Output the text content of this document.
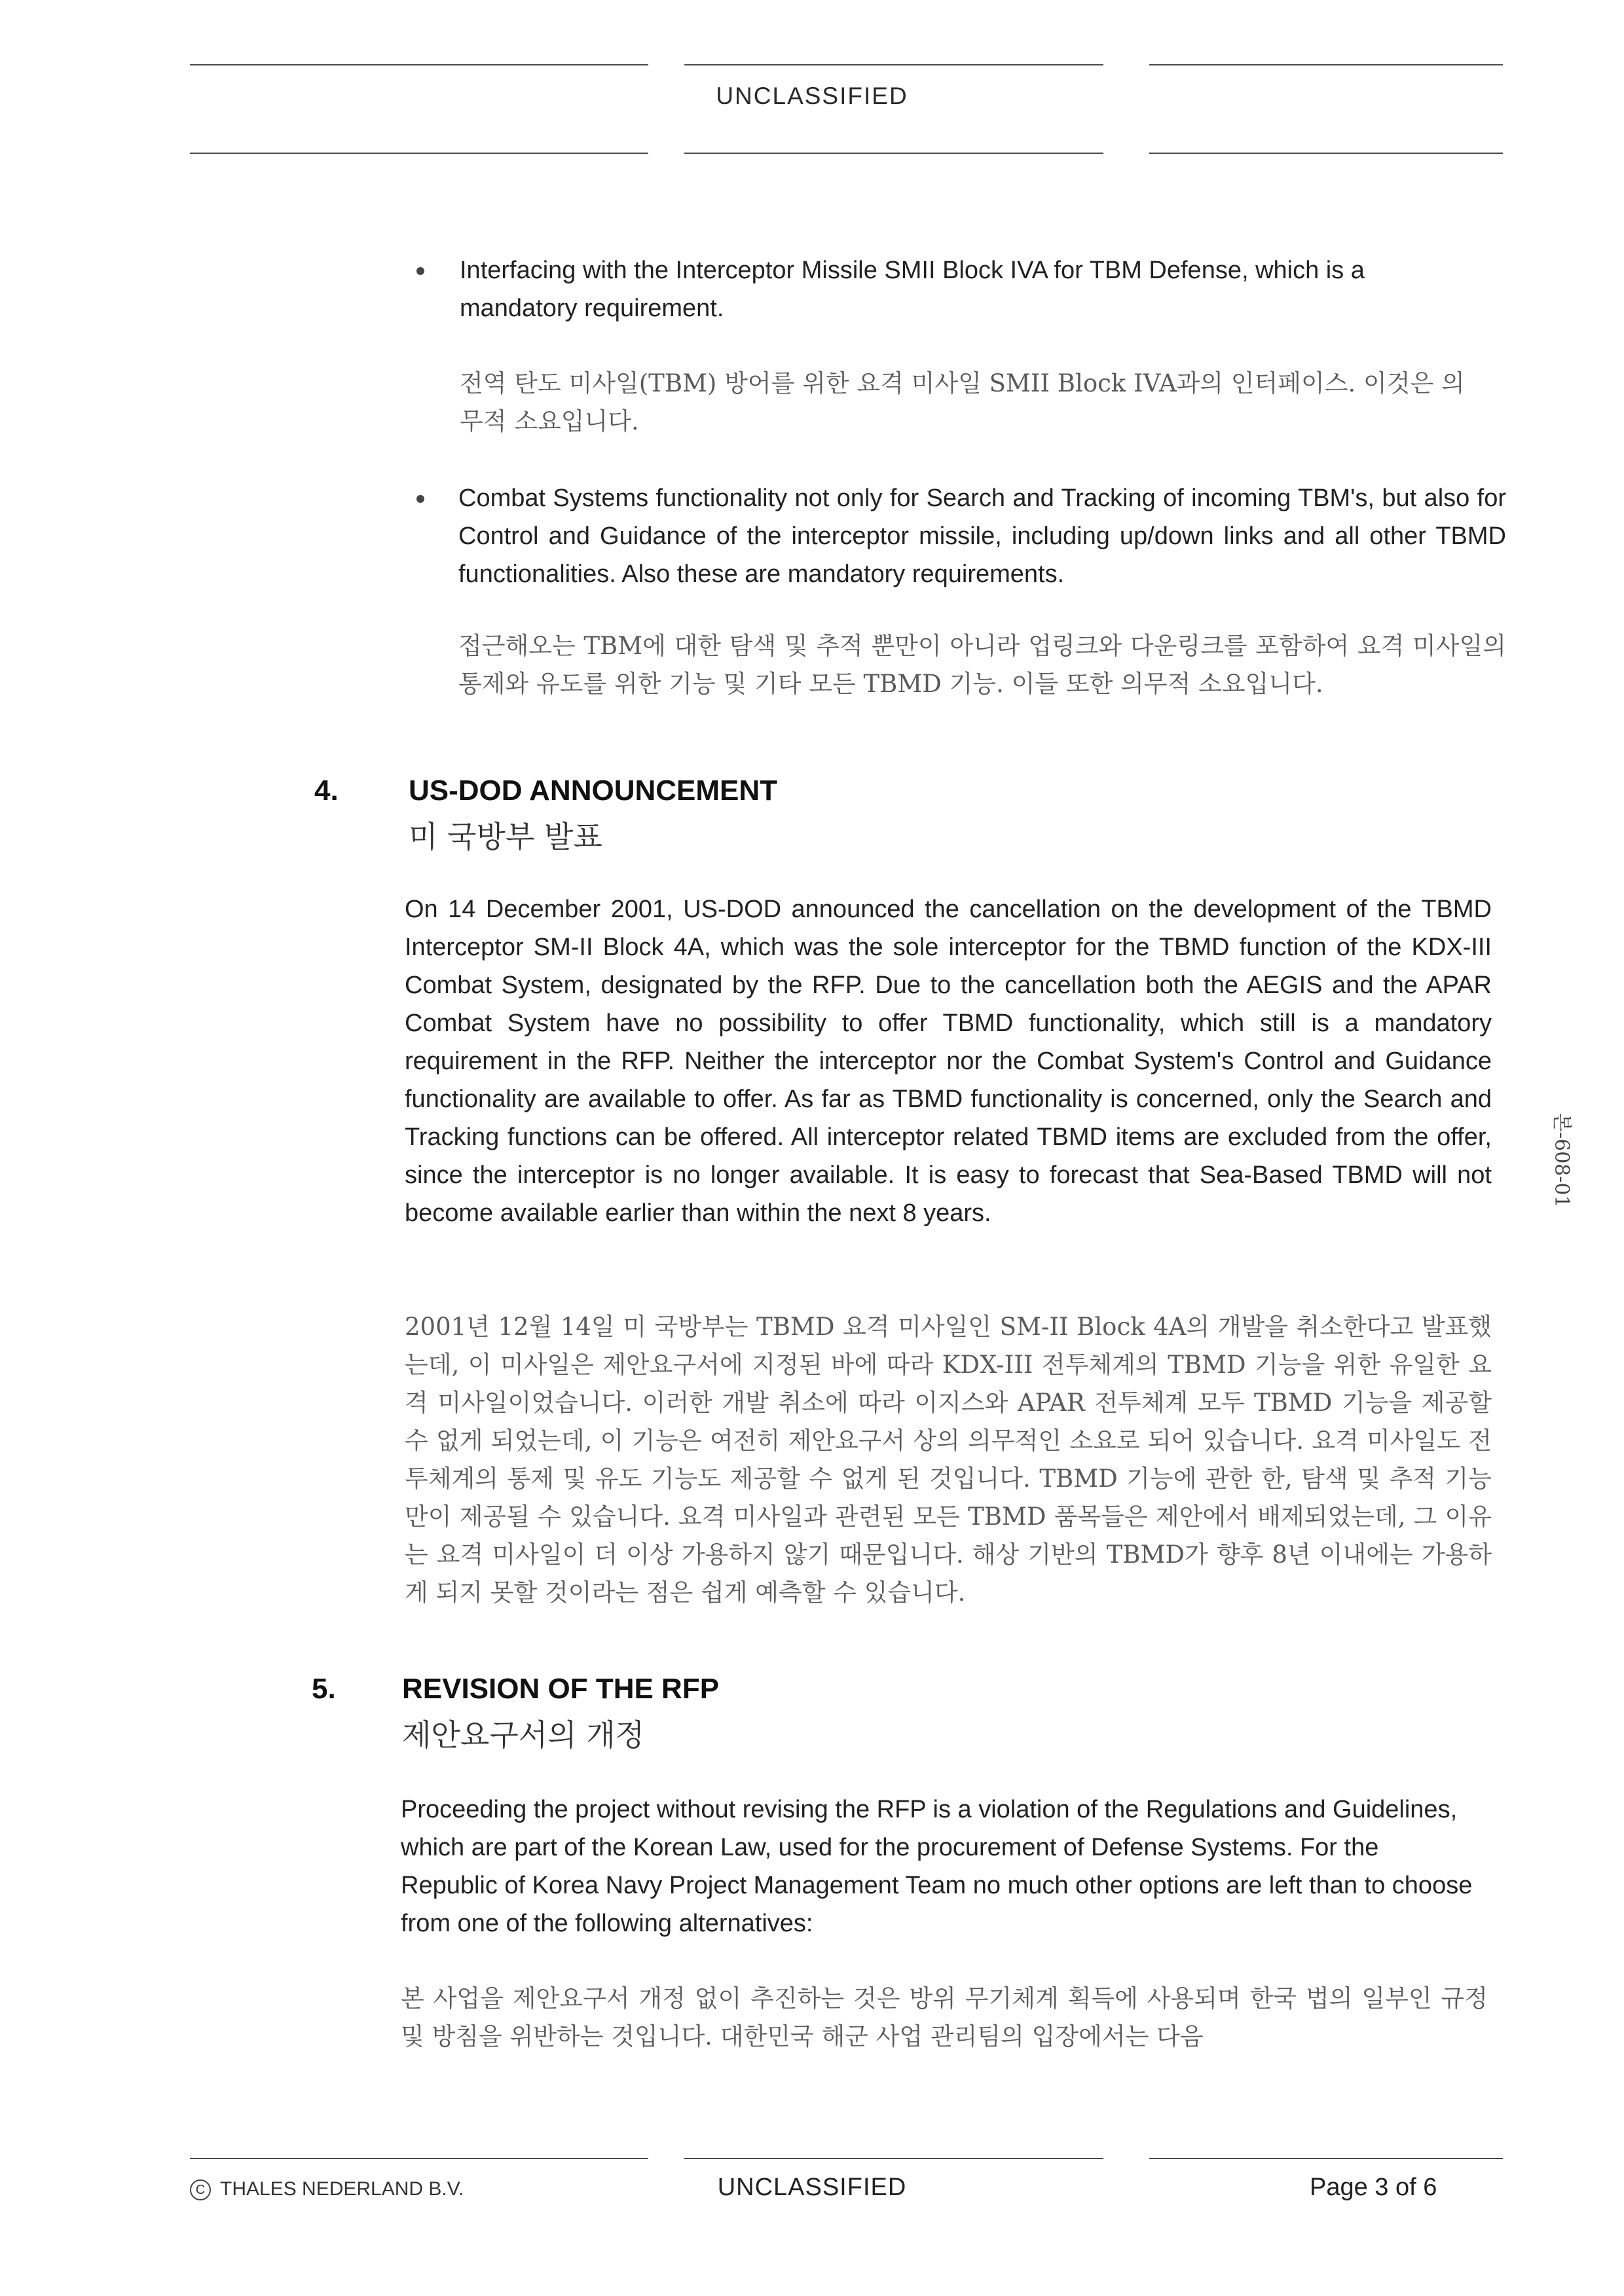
UNCLASSIFIED
Interfacing with the Interceptor Missile SMII Block IVA for TBM Defense, which is a mandatory requirement.
전역 탄도 미사일(TBM) 방어를 위한 요격 미사일 SMII Block IVA과의 인터페이스. 이것은 의무적 소요입니다.
Combat Systems functionality not only for Search and Tracking of incoming TBM's, but also for Control and Guidance of the interceptor missile, including up/down links and all other TBMD functionalities. Also these are mandatory requirements.
접근해오는 TBM에 대한 탐색 및 추적 뿐만이 아니라 업링크와 다운링크를 포함하여 요격 미사일의 통제와 유도를 위한 기능 및 기타 모든 TBMD 기능. 이들 또한 의무적 소요입니다.
4. US-DOD ANNOUNCEMENT
미 국방부 발표
On 14 December 2001, US-DOD announced the cancellation on the development of the TBMD Interceptor SM-II Block 4A, which was the sole interceptor for the TBMD function of the KDX-III Combat System, designated by the RFP. Due to the cancellation both the AEGIS and the APAR Combat System have no possibility to offer TBMD functionality, which still is a mandatory requirement in the RFP. Neither the interceptor nor the Combat System's Control and Guidance functionality are available to offer. As far as TBMD functionality is concerned, only the Search and Tracking functions can be offered. All interceptor related TBMD items are excluded from the offer, since the interceptor is no longer available. It is easy to forecast that Sea-Based TBMD will not become available earlier than within the next 8 years.
2001년 12월 14일 미 국방부는 TBMD 요격 미사일인 SM-II Block 4A의 개발을 취소한다고 발표했는데, 이 미사일은 제안요구서에 지정된 바에 따라 KDX-III 전투체계의 TBMD 기능을 위한 유일한 요격 미사일이었습니다. 이러한 개발 취소에 따라 이지스와 APAR 전투체계 모두 TBMD 기능을 제공할 수 없게 되었는데, 이 기능은 여전히 제안요구서 상의 의무적인 소요로 되어 있습니다. 요격 미사일도 전투체계의 통제 및 유도 기능도 제공할 수 없게 된 것입니다. TBMD 기능에 관한 한, 탐색 및 추적 기능만이 제공될 수 있습니다. 요격 미사일과 관련된 모든 TBMD 품목들은 제안에서 배제되었는데, 그 이유는 요격 미사일이 더 이상 가용하지 않기 때문입니다. 해상 기반의 TBMD가 향후 8년 이내에는 가용하게 되지 못할 것이라는 점은 쉽게 예측할 수 있습니다.
5. REVISION OF THE RFP
제안요구서의 개정
Proceeding the project without revising the RFP is a violation of the Regulations and Guidelines, which are part of the Korean Law, used for the procurement of Defense Systems. For the Republic of Korea Navy Project Management Team no much other options are left than to choose from one of the following alternatives:
본 사업을 제안요구서 개정 없이 추진하는 것은 방위 무기체계 획득에 사용되며 한국 법의 일부인 규정 및 방침을 위반하는 것입니다. 대한민국 해군 사업 관리팀의 입장에서는 다음
본-608-01
C THALES NEDERLAND B.V.	UNCLASSIFIED	Page 3 of 6
